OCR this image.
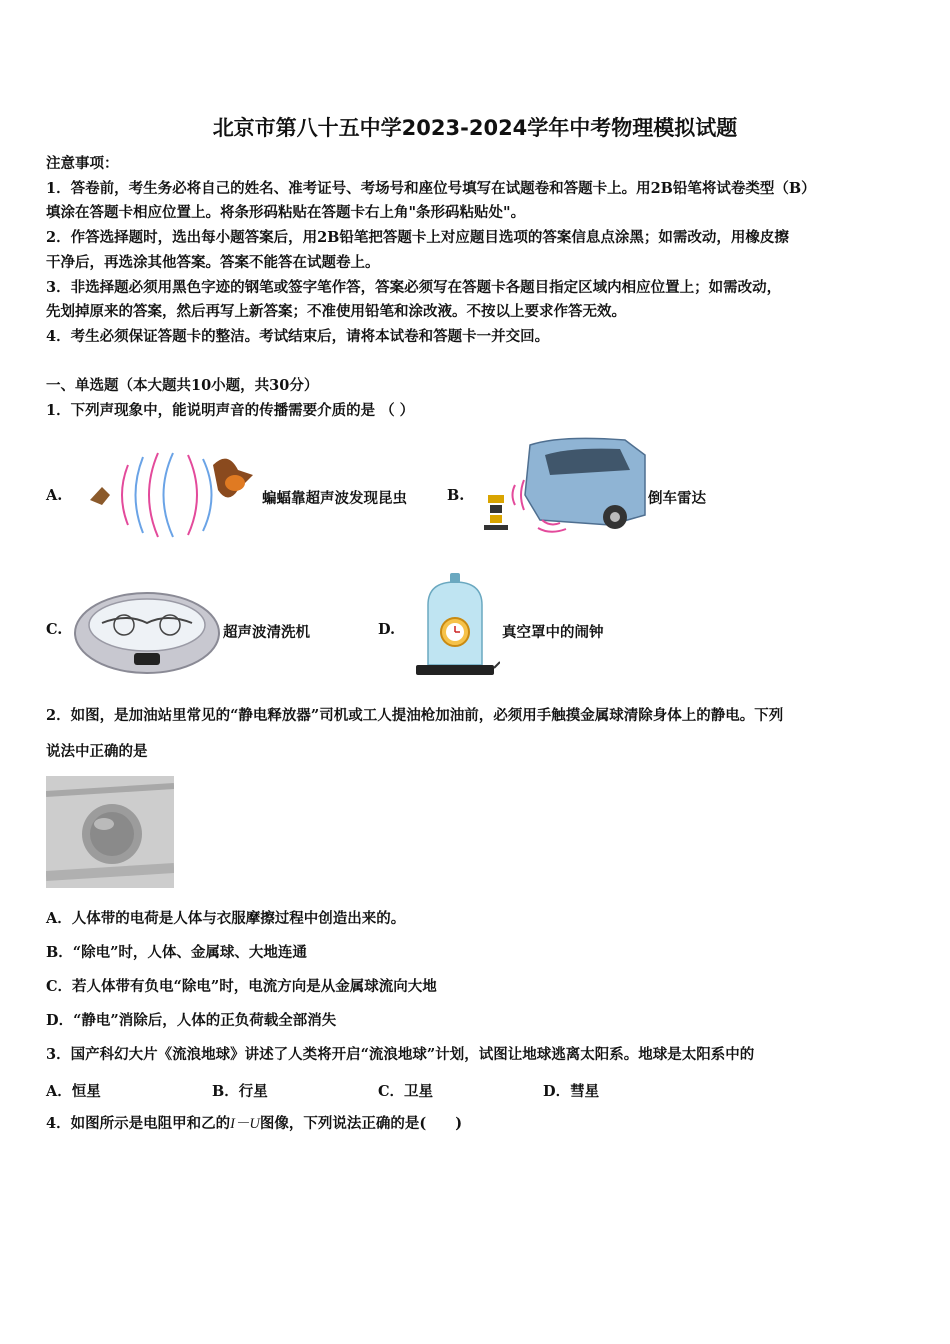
北京市第八十五中学2023-2024学年中考物理模拟试题
注意事项：
1．答卷前，考生务必将自己的姓名、准考证号、考场号和座位号填写在试题卷和答题卡上。用2B铅笔将试卷类型（B）
填涂在答题卡相应位置上。将条形码粘贴在答题卡右上角"条形码粘贴处"。
2．作答选择题时，选出每小题答案后，用2B铅笔把答题卡上对应题目选项的答案信息点涂黑；如需改动，用橡皮擦
干净后，再选涂其他答案。答案不能答在试题卷上。
3．非选择题必须用黑色字迹的钢笔或签字笔作答，答案必须写在答题卡各题目指定区域内相应位置上；如需改动，
先划掉原来的答案，然后再写上新答案；不准使用铅笔和涂改液。不按以上要求作答无效。
4．考生必须保证答题卡的整洁。考试结束后，请将本试卷和答题卡一并交回。
一、单选题（本大题共10小题，共30分）
1．下列声现象中，能说明声音的传播需要介质的是 （ ）
A.	蝙蝠靠超声波发现昆虫	B.	倒车雷达
C.	超声波清洗机	D.	真空罩中的闹钟
2．如图，是加油站里常见的“静电释放器”司机或工人提油枪加油前，必须用手触摸金属球清除身体上的静电。下列
说法中正确的是
A．人体带的电荷是人体与衣服摩擦过程中创造出来的。
B．“除电”时，人体、金属球、大地连通
C．若人体带有负电“除电”时，电流方向是从金属球流向大地
D．“静电”消除后，人体的正负荷载全部消失
3．国产科幻大片《流浪地球》讲述了人类将开启“流浪地球”计划，试图让地球逃离太阳系。地球是太阳系中的
A．恒星	B．行星	C．卫星	D．彗星
4．如图所示是电阻甲和乙的I－U图像，下列说法正确的是(　　)
